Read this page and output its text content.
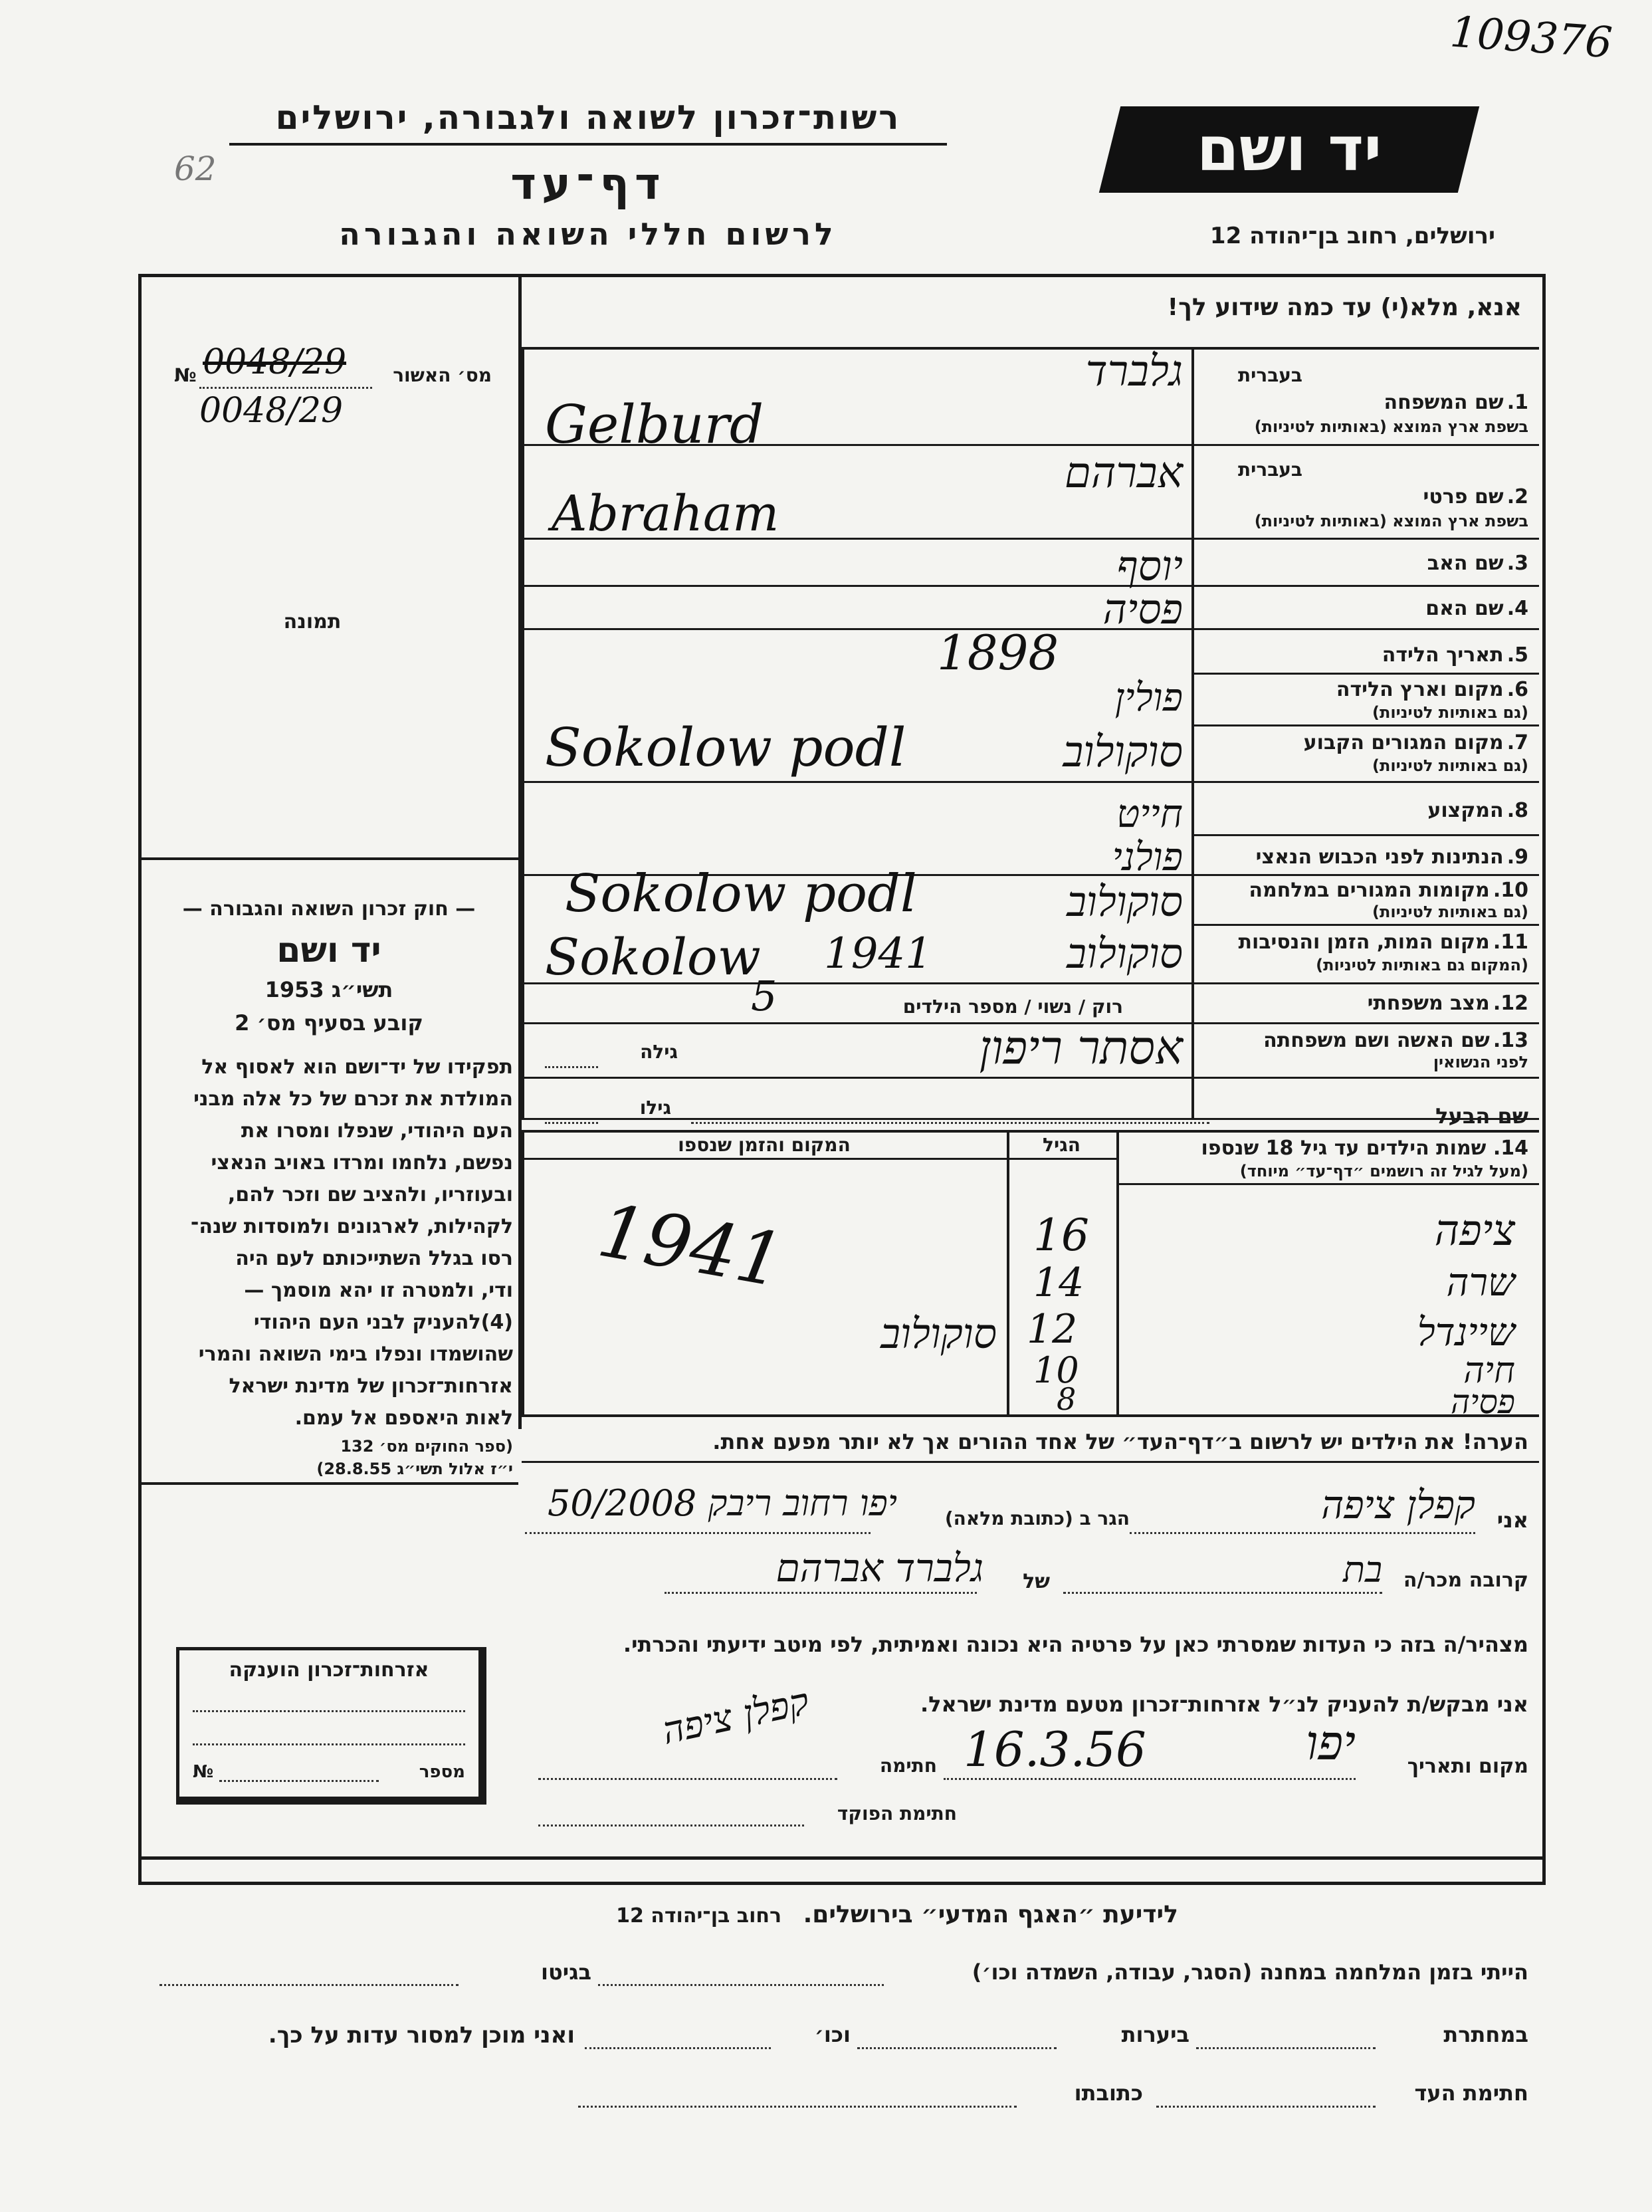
109376
62
רשות־זכרון לשואה ולגבורה, ירושלים
דף־עד
לרשום חללי השואה והגבורה
יד ושם
ירושלים, רחוב בן־יהודה 12
אנא, מלא(י) עד כמה שידוע לך!
מס׳ האשור
№ 0048/29
0048/29
תמונה
— חוק זכרון השואה והגבורה —
יד ושם
תשי״ג 1953
קובע בסעיף מס׳ 2
תפקידו של יד־ושם הוא לאסוף אל
המולדת את זכרם של כל אלה מבני
העם היהודי, שנפלו ומסרו את
נפשם, נלחמו ומרדו באויב הנאצי
ובעוזריו, ולהציב שם וזכר להם,
לקהילות, לארגונים ולמוסדות שנה־
רסו בגלל השתייכותם לעם היה
ודי, ולמטרה זו יהא מוסמך —
(4)להעניק לבני העם היהודי
שהושמדו ונפלו בימי השואה והמרי
אזרחות־זכרון של מדינת ישראל
לאות היאספם אל עמם.
(ספר החוקים מס׳ 132
י״ז אלול תשי״ג 28.8.55)
אזרחות־זכרון הוענקה
№	מספר
בעברית
1. שם המשפחה
בשפת ארץ המוצא (באותיות לטיניות)
גלברד
Gelburd
בעברית
2. שם פרטי
בשפת ארץ המוצא (באותיות לטיניות)
אברהם
Abraham
3. שם האב
יוסף
4. שם האם
פסיה
5. תאריך הלידה
1898
6. מקום וארץ הלידה
(גם באותיות לטיניות)
פולין
7. מקום המגורים הקבוע
(גם באותיות לטיניות)
סוקולוב
Sokolow podl
8. המקצוע
חייט
9. הנתינות לפני הכבוש הנאצי
פולני
10. מקומות המגורים במלחמה
(גם באותיות לטיניות)
סוקולוב
Sokolow podl
11. מקום המות, הזמן והנסיבות
(המקום גם באותיות לטיניות)
סוקולוב
1941
Sokolow
12. מצב משפחתי
רוק / נשוי / מספר הילדים
5
13. שם האשה ושם משפחתה
לפני הנשואין
אסתר ריפון
גילה
שם הבעל
גילו
14. שמות הילדים עד גיל 18 שנספו
(מעל לגיל זה רושמים ״דף־עד״ מיוחד)
הגיל
המקום והזמן שנספו
ציפה
שרה
שיינדל
חיה
פסיה
16
14
12
10
8
1941
סוקולוב
הערה! את הילדים יש לרשום ב״דף־העד״ של אחד ההורים אך לא יותר מפעם אחת.
אני
קפלן ציפה
הגר ב (כתובת מלאה)
יפו רחוב ריבק 50/2008
קרובה מכר/ה
בת
של
גלברד אברהם
מצהיר/ה בזה כי העדות שמסרתי כאן על פרטיה היא נכונה ואמיתית, לפי מיטב ידיעתי והכרתי.
אני מבקש/ת להעניק לנ״ל אזרחות־זכרון מטעם מדינת ישראל.
מקום ותאריך
יפו
16.3.56
חתימה
קפלן ציפה
חתימת הפוקד
לידיעת ״האגף המדעי״ בירושלים. רחוב בן־יהודה 12
הייתי בזמן המלחמה במחנה (הסגר, עבודה, השמדה וכו׳)
בגיטו
במחתרת
ביערות
וכו׳
ואני מוכן למסור עדות על כך.
חתימת העד
כתובתו
